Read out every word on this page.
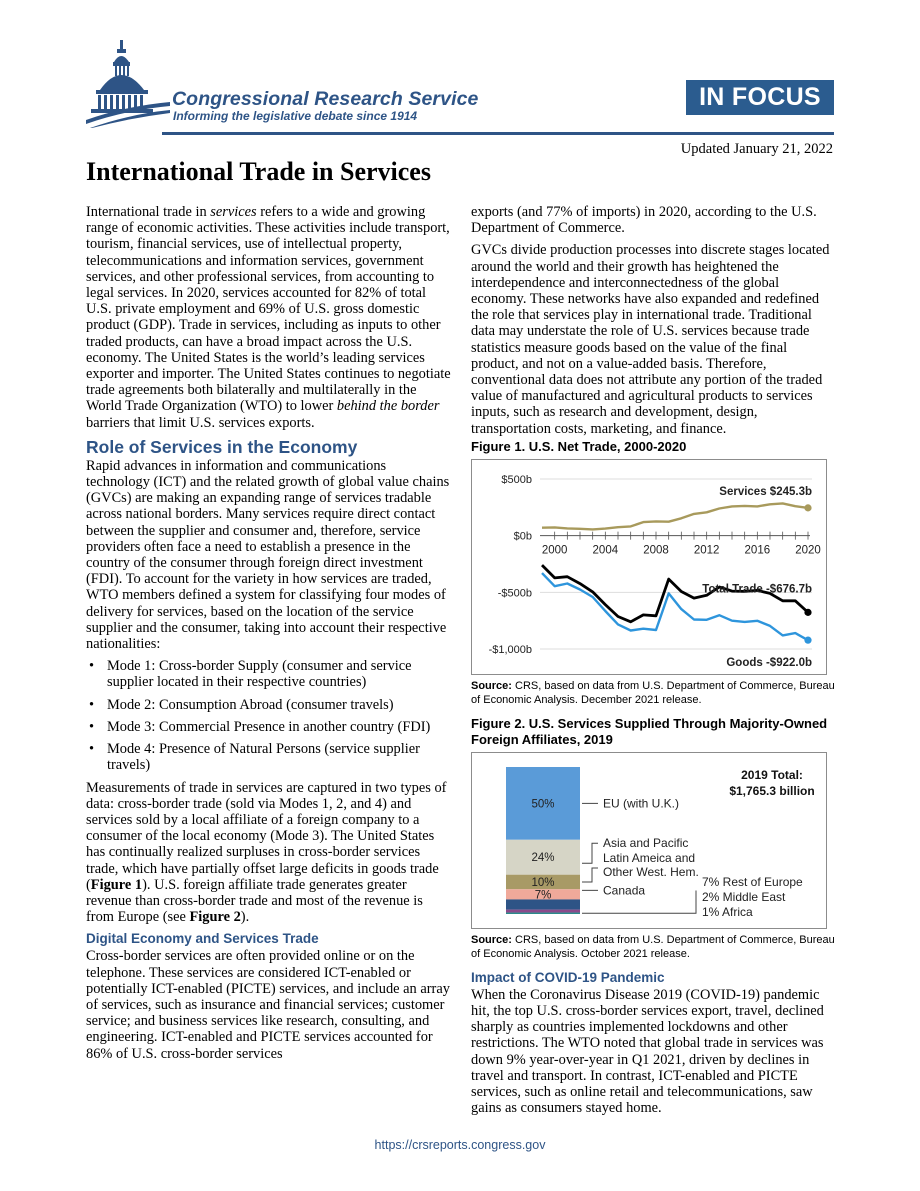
Congressional Research Service
Informing the legislative debate since 1914
IN FOCUS
Updated January 21, 2022
International Trade in Services

International trade in services refers to a wide and growing range of economic activities. These activities include transport, tourism, financial services, use of intellectual property, telecommunications and information services, government services, and other professional services, from accounting to legal services. In 2020, services accounted for 82% of total U.S. private employment and 69% of U.S. gross domestic product (GDP). Trade in services, including as inputs to other traded products, can have a broad impact across the U.S. economy. The United States is the world’s leading services exporter and importer. The United States continues to negotiate trade agreements both bilaterally and multilaterally in the World Trade Organization (WTO) to lower behind the border barriers that limit U.S. services exports.

Role of Services in the Economy

Rapid advances in information and communications technology (ICT) and the related growth of global value chains (GVCs) are making an expanding range of services tradable across national borders. Many services require direct contact between the supplier and consumer and, therefore, service providers often face a need to establish a presence in the country of the consumer through foreign direct investment (FDI). To account for the variety in how services are traded, WTO members defined a system for classifying four modes of delivery for services, based on the location of the service supplier and the consumer, taking into account their respective nationalities:

• Mode 1: Cross-border Supply (consumer and service supplier located in their respective countries)
• Mode 2: Consumption Abroad (consumer travels)
• Mode 3: Commercial Presence in another country (FDI)
• Mode 4: Presence of Natural Persons (service supplier travels)

Measurements of trade in services are captured in two types of data: cross-border trade (sold via Modes 1, 2, and 4) and services sold by a local affiliate of a foreign company to a consumer of the local economy (Mode 3). The United States has continually realized surpluses in cross-border services trade, which have partially offset large deficits in goods trade (Figure 1). U.S. foreign affiliate trade generates greater revenue than cross-border trade and most of the revenue is from Europe (see Figure 2).

Digital Economy and Services Trade

Cross-border services are often provided online or on the telephone. These services are considered ICT-enabled or potentially ICT-enabled (PICTE) services, and include an array of services, such as insurance and financial services; customer service; and business services like research, consulting, and engineering. ICT-enabled and PICTE services accounted for 86% of U.S. cross-border services

exports (and 77% of imports) in 2020, according to the U.S. Department of Commerce.

GVCs divide production processes into discrete stages located around the world and their growth has heightened the interdependence and interconnectedness of the global economy. These networks have also expanded and redefined the role that services play in international trade. Traditional data may understate the role of U.S. services because trade statistics measure goods based on the value of the final product, and not on a value-added basis. Therefore, conventional data does not attribute any portion of the traded value of manufactured and agricultural products to services inputs, such as research and development, design, transportation costs, marketing, and finance.

Figure 1. U.S. Net Trade, 2000-2020
$500b
$0b
-$500b
-$1,000b
2000 2004 2008 2012 2016 2020
Services $245.3b
Total Trade -$676.7b
Goods -$922.0b
Source: CRS, based on data from U.S. Department of Commerce, Bureau of Economic Analysis. December 2021 release.
Figure 2. U.S. Services Supplied Through Majority-Owned Foreign Affiliates, 2019
50%
24%
10%
7%
EU (with U.K.)
Asia and Pacific
Latin Ameica and
Other West. Hem.
Canada
7% Rest of Europe
2% Middle East
1% Africa
2019 Total:
$1,765.3 billion
Source: CRS, based on data from U.S. Department of Commerce, Bureau of Economic Analysis. October 2021 release.
Impact of COVID-19 Pandemic

When the Coronavirus Disease 2019 (COVID-19) pandemic hit, the top U.S. cross-border services export, travel, declined sharply as countries implemented lockdowns and other restrictions. The WTO noted that global trade in services was down 9% year-over-year in Q1 2021, driven by declines in travel and transport. In contrast, ICT-enabled and PICTE services, such as online retail and telecommunications, saw gains as consumers stayed home.

https://crsreports.congress.gov
